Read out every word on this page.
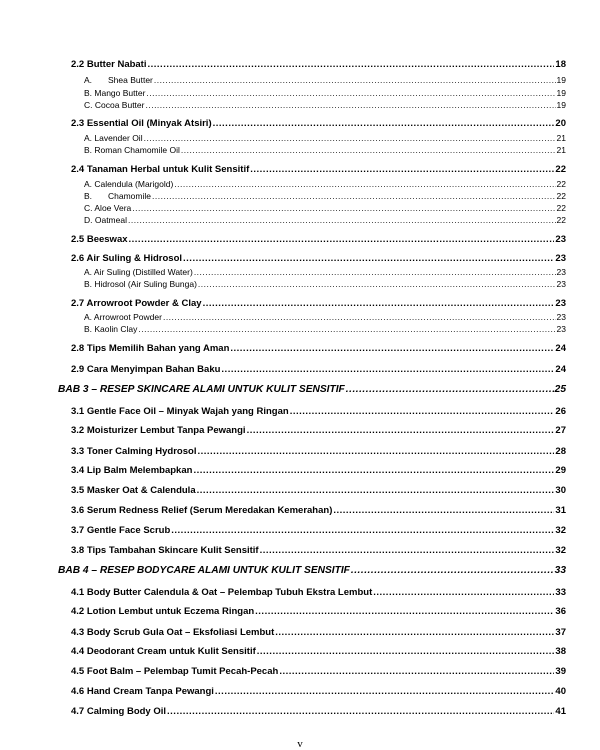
2.2 Butter Nabati .....	18
A. Shea Butter .....	19
B. Mango Butter .....	19
C. Cocoa Butter .....	19
2.3 Essential Oil (Minyak Atsiri) .....	20
A. Lavender Oil .....	21
B. Roman Chamomile Oil .....	21
2.4 Tanaman Herbal untuk Kulit Sensitif .....	22
A. Calendula (Marigold) .....	22
B. Chamomile .....	22
C. Aloe Vera .....	22
D. Oatmeal .....	22
2.5 Beeswax .....	23
2.6 Air Suling & Hidrosol .....	23
A. Air Suling (Distilled Water) .....	23
B. Hidrosol (Air Suling Bunga) .....	23
2.7 Arrowroot Powder & Clay .....	23
A. Arrowroot Powder .....	23
B. Kaolin Clay .....	23
2.8 Tips Memilih Bahan yang Aman .....	24
2.9 Cara Menyimpan Bahan Baku .....	24
BAB 3 – RESEP SKINCARE ALAMI UNTUK KULIT SENSITIF .....	25
3.1 Gentle Face Oil – Minyak Wajah yang Ringan .....	26
3.2 Moisturizer Lembut Tanpa Pewangi .....	27
3.3 Toner Calming Hydrosol .....	28
3.4 Lip Balm Melembapkan .....	29
3.5 Masker Oat & Calendula .....	30
3.6 Serum Redness Relief (Serum Meredakan Kemerahan) .....	31
3.7 Gentle Face Scrub .....	32
3.8 Tips Tambahan Skincare Kulit Sensitif .....	32
BAB 4 – RESEP BODYCARE ALAMI UNTUK KULIT SENSITIF .....	33
4.1 Body Butter Calendula & Oat – Pelembap Tubuh Ekstra Lembut .....	33
4.2 Lotion Lembut untuk Eczema Ringan .....	36
4.3 Body Scrub Gula Oat – Eksfoliasi Lembut .....	37
4.4 Deodorant Cream untuk Kulit Sensitif .....	38
4.5 Foot Balm – Pelembap Tumit Pecah-Pecah .....	39
4.6 Hand Cream Tanpa Pewangi .....	40
4.7 Calming Body Oil .....	41
v
